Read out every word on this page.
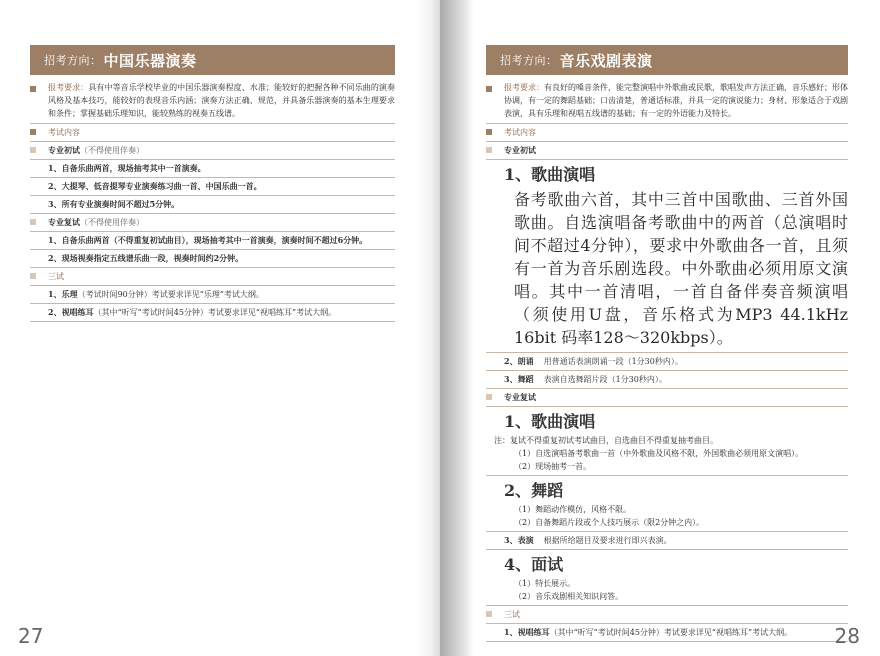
招考方向： 中国乐器演奏
报考要求：具有中等音乐学校毕业的中国乐器演奏程度、水准；能较好的把握各种不同乐曲的演奏风格及基本技巧，能较好的表现音乐内涵；演奏方法正确、规范，并具备乐器演奏的基本生理要求和条件；掌握基础乐理知识，能较熟练的视奏五线谱。
考试内容
专业初试（不得使用伴奏）
1、自备乐曲两首，现场抽考其中一首演奏。
2、大提琴、低音提琴专业演奏练习曲一首、中国乐曲一首。
3、所有专业演奏时间不超过5分钟。
专业复试（不得使用伴奏）
1、自备乐曲两首（不得重复初试曲目），现场抽考其中一首演奏，演奏时间不超过6分钟。
2、现场视奏指定五线谱乐曲一段，视奏时间约2分钟。
三试
1、乐理（考试时间90分钟）考试要求详见“乐理”考试大纲。
2、视唱练耳（其中“听写”考试时间45分钟）考试要求详见“视唱练耳”考试大纲。
27
招考方向： 音乐戏剧表演
报考要求：有良好的嗓音条件，能完整演唱中外歌曲或民歌，歌唱发声方法正确，音乐感好；形体协调，有一定的舞蹈基础；口齿清楚，普通话标准，并具一定的演说能力；身材、形象适合于戏剧表演，具有乐理和视唱五线谱的基础；有一定的外语能力及特长。
考试内容
专业初试
1、歌曲演唱
备考歌曲六首，其中三首中国歌曲、三首外国歌曲。自选演唱备考歌曲中的两首（总演唱时间不超过4分钟），要求中外歌曲各一首，且须有一首为音乐剧选段。中外歌曲必须用原文演唱。其中一首清唱，一首自备伴奏音频演唱（须使用U盘，音乐格式为MP3 44.1kHz 16bit 码率128～320kbps）。
2、朗诵 用普通话表演朗诵一段（1分30秒内）。
3、舞蹈 表演自选舞蹈片段（1分30秒内）。
专业复试
1、歌曲演唱
注：复试不得重复初试考试曲目，自选曲目不得重复抽考曲目。
（1）自选演唱备考歌曲一首（中外歌曲及风格不限，外国歌曲必须用原文演唱）。
（2）现场抽考一首。
2、舞蹈
（1）舞蹈动作模仿，风格不限。
（2）自备舞蹈片段或个人技巧展示（限2分钟之内）。
3、表演 根据所给题目及要求进行即兴表演。
4、面试
（1）特长展示。
（2）音乐戏剧相关知识问答。
三试
1、视唱练耳（其中“听写”考试时间45分钟）考试要求详见“视唱练耳”考试大纲。	28
